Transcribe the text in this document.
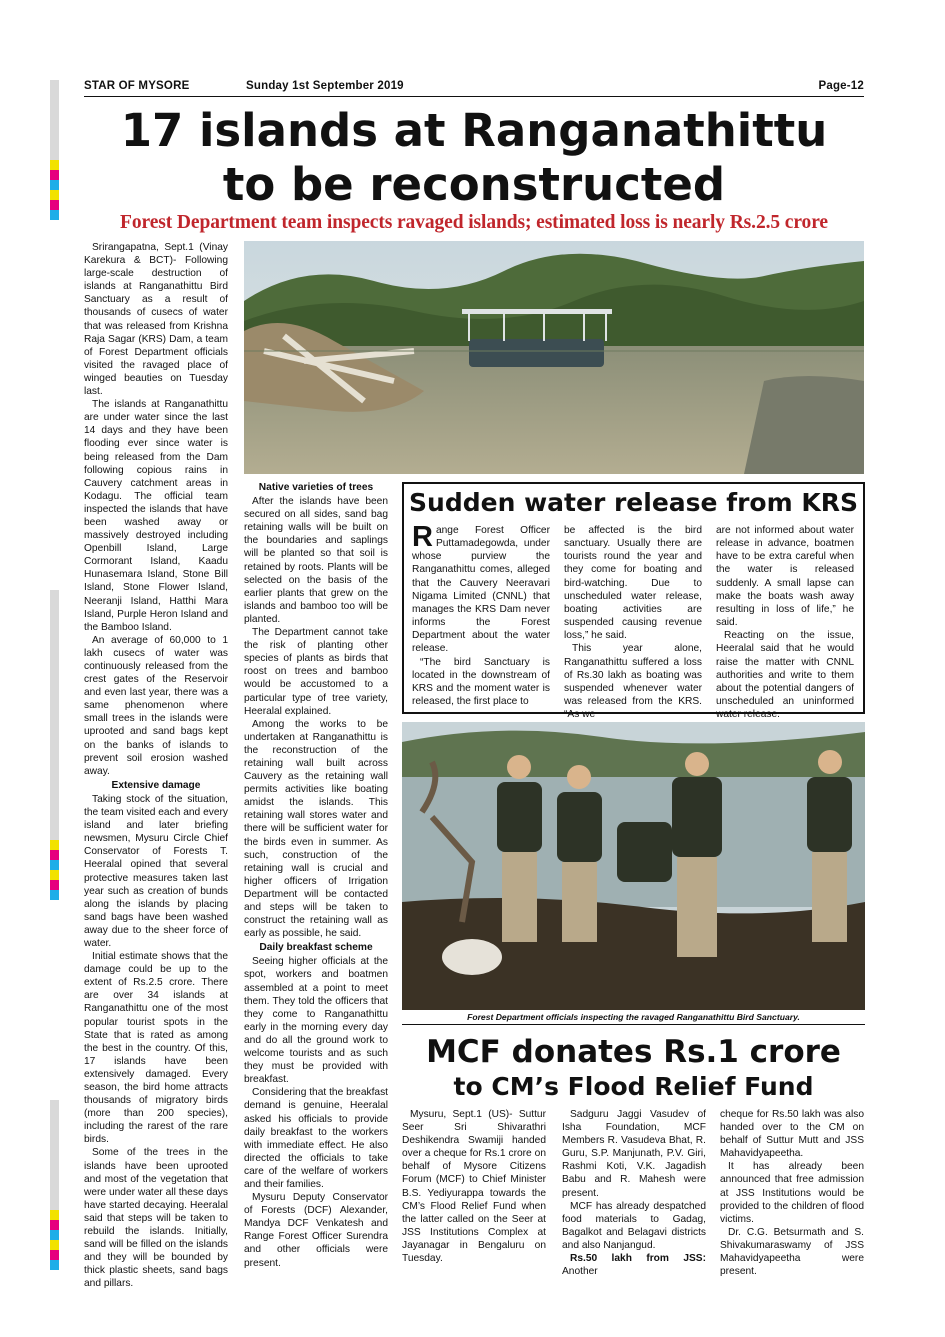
STAR OF MYSORE	Sunday 1st September 2019	Page-12
17 islands at Ranganathittu
to be reconstructed
Forest Department team inspects ravaged islands; estimated loss is nearly Rs.2.5 crore

Srirangapatna, Sept.1 (Vinay Karekura & BCT)- Following large-scale destruction of islands at Ranganathittu Bird Sanctuary as a result of thousands of cusecs of water that was released from Krishna Raja Sagar (KRS) Dam, a team of Forest Department officials visited the ravaged place of winged beauties on Tuesday last.

The islands at Ranganathittu are under water since the last 14 days and they have been flooding ever since water is being released from the Dam following copious rains in Cauvery catchment areas in Kodagu. The official team inspected the islands that have been washed away or massively destroyed including Openbill Island, Large Cormorant Island, Kaadu Hunasemara Island, Stone Bill Island, Stone Flower Island, Neeranji Island, Hatthi Mara Island, Purple Heron Island and the Bamboo Island.

An average of 60,000 to 1 lakh cusecs of water was continuously released from the crest gates of the Reservoir and even last year, there was a same phenomenon where small trees in the islands were uprooted and sand bags kept on the banks of islands to prevent soil erosion washed away.

Extensive damage

Taking stock of the situation, the team visited each and every island and later briefing newsmen, Mysuru Circle Chief Conservator of Forests T. Heeralal opined that several protective measures taken last year such as creation of bunds along the islands by placing sand bags have been washed away due to the sheer force of water.

Initial estimate shows that the damage could be up to the extent of Rs.2.5 crore. There are over 34 islands at Ranganathittu one of the most popular tourist spots in the State that is rated as among the best in the country. Of this, 17 islands have been extensively damaged. Every season, the bird home attracts thousands of migratory birds (more than 200 species), including the rarest of the rare birds.

Some of the trees in the islands have been uprooted and most of the vegetation that were under water all these days have started decaying. Heeralal said that steps will be taken to rebuild the islands. Initially, sand will be filled on the islands and they will be bounded by thick plastic sheets, sand bags and pillars.

Native varieties of trees

After the islands have been secured on all sides, sand bag retaining walls will be built on the boundaries and saplings will be planted so that soil is retained by roots. Plants will be selected on the basis of the earlier plants that grew on the islands and bamboo too will be planted.

The Department cannot take the risk of planting other species of plants as birds that roost on trees and bamboo would be accustomed to a particular type of tree variety, Heeralal explained.

Among the works to be undertaken at Ranganathittu is the reconstruction of the retaining wall built across Cauvery as the retaining wall permits activities like boating amidst the islands. This retaining wall stores water and there will be sufficient water for the birds even in summer. As such, construction of the retaining wall is crucial and higher officers of Irrigation Department will be contacted and steps will be taken to construct the retaining wall as early as possible, he said.

Daily breakfast scheme

Seeing higher officials at the spot, workers and boatmen assembled at a point to meet them. They told the officers that they come to Ranganathittu early in the morning every day and do all the ground work to welcome tourists and as such they must be provided with breakfast.

Considering that the breakfast demand is genuine, Heeralal asked his officials to provide daily breakfast to the workers with immediate effect. He also directed the officials to take care of the welfare of workers and their families.

Mysuru Deputy Conservator of Forests (DCF) Alexander, Mandya DCF Venkatesh and Range Forest Officer Surendra and other officials were present.

Sudden water release from KRS

Range Forest Officer Puttamadegowda, under whose purview the Ranganathittu comes, alleged that the Cauvery Neeravari Nigama Limited (CNNL) that manages the KRS Dam never informs the Forest Department about the water release.

“The bird Sanctuary is located in the downstream of KRS and the moment water is released, the first place to

be affected is the bird sanctuary. Usually there are tourists round the year and they come for boating and bird-watching. Due to unscheduled water release, boating activities are suspended causing revenue loss,” he said.

This year alone, Ranganathittu suffered a loss of Rs.30 lakh as boating was suspended whenever water was released from the KRS. “As we

are not informed about water release in advance, boatmen have to be extra careful when the water is released suddenly. A small lapse can make the boats wash away resulting in loss of life,” he said.

Reacting on the issue, Heeralal said that he would raise the matter with CNNL authorities and write to them about the potential dangers of unscheduled an uninformed water release.

Forest Department officials inspecting the ravaged Ranganathittu Bird Sanctuary.
MCF donates Rs.1 crore
to CM’s Flood Relief Fund

Mysuru, Sept.1 (US)- Suttur Seer Sri Shivarathri Deshikendra Swamiji handed over a cheque for Rs.1 crore on behalf of Mysore Citizens Forum (MCF) to Chief Minister B.S. Yediyurappa towards the CM’s Flood Relief Fund when the latter called on the Seer at JSS Institutions Complex at Jayanagar in Bengaluru on Tuesday.

Sadguru Jaggi Vasudev of Isha Foundation, MCF Members R. Vasudeva Bhat, R. Guru, S.P. Manjunath, P.V. Giri, Rashmi Koti, V.K. Jagadish Babu and R. Mahesh were present.

MCF has already despatched food materials to Gadag, Bagalkot and Belagavi districts and also Nanjangud.

Rs.50 lakh from JSS: Another

cheque for Rs.50 lakh was also handed over to the CM on behalf of Suttur Mutt and JSS Mahavidyapeetha.

It has already been announced that free admission at JSS Institutions would be provided to the children of flood victims.

Dr. C.G. Betsurmath and S. Shivakumaraswamy of JSS Mahavidyapeetha were present.
